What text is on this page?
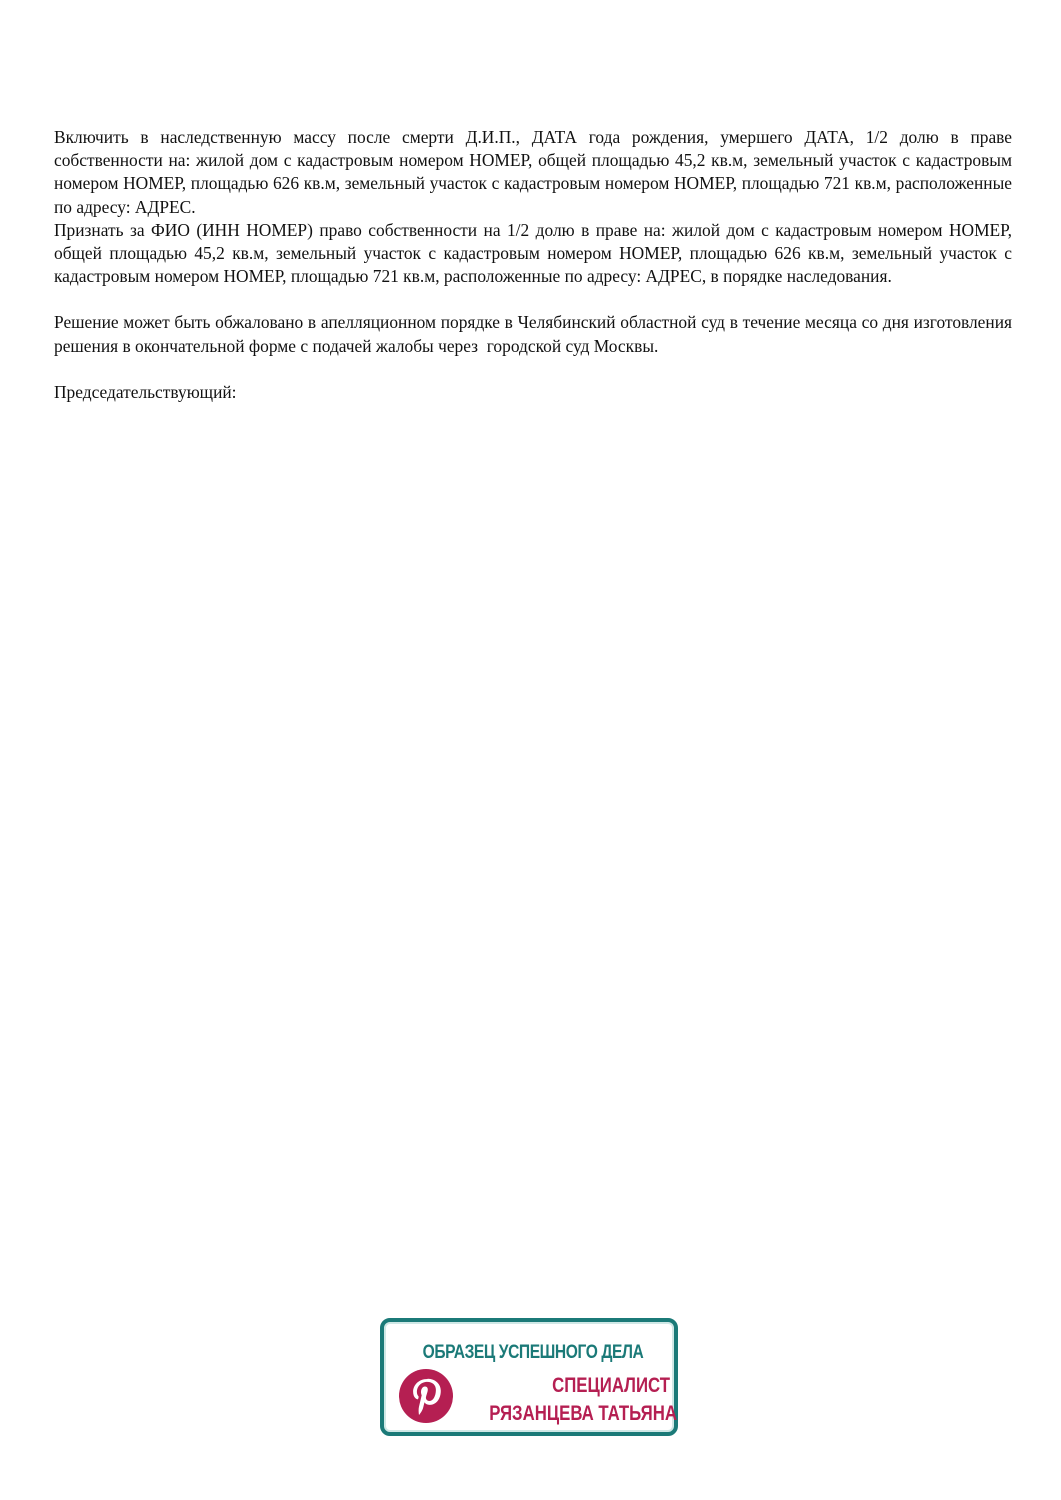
Включить в наследственную массу после смерти Д.И.П., ДАТА года рождения, умершего ДАТА, 1/2 долю в праве собственности на: жилой дом с кадастровым номером НОМЕР, общей площадью 45,2 кв.м, земельный участок с кадастровым номером НОМЕР, площадью 626 кв.м, земельный участок с кадастровым номером НОМЕР, площадью 721 кв.м, расположенные по адресу: АДРЕС.

Признать за ФИО (ИНН НОМЕР) право собственности на 1/2 долю в праве на: жилой дом с кадастровым номером НОМЕР, общей площадью 45,2 кв.м, земельный участок с кадастровым номером НОМЕР, площадью 626 кв.м, земельный участок с кадастровым номером НОМЕР, площадью 721 кв.м, расположенные по адресу: АДРЕС, в порядке наследования.

Решение может быть обжаловано в апелляционном порядке в Челябинский областной суд в течение месяца со дня изготовления решения в окончательной форме с подачей жалобы через  городской суд Москвы.

Председательствующий:

ОБРАЗЕЦ УСПЕШНОГО ДЕЛА
СПЕЦИАЛИСТ
РЯЗАНЦЕВА ТАТЬЯНА
